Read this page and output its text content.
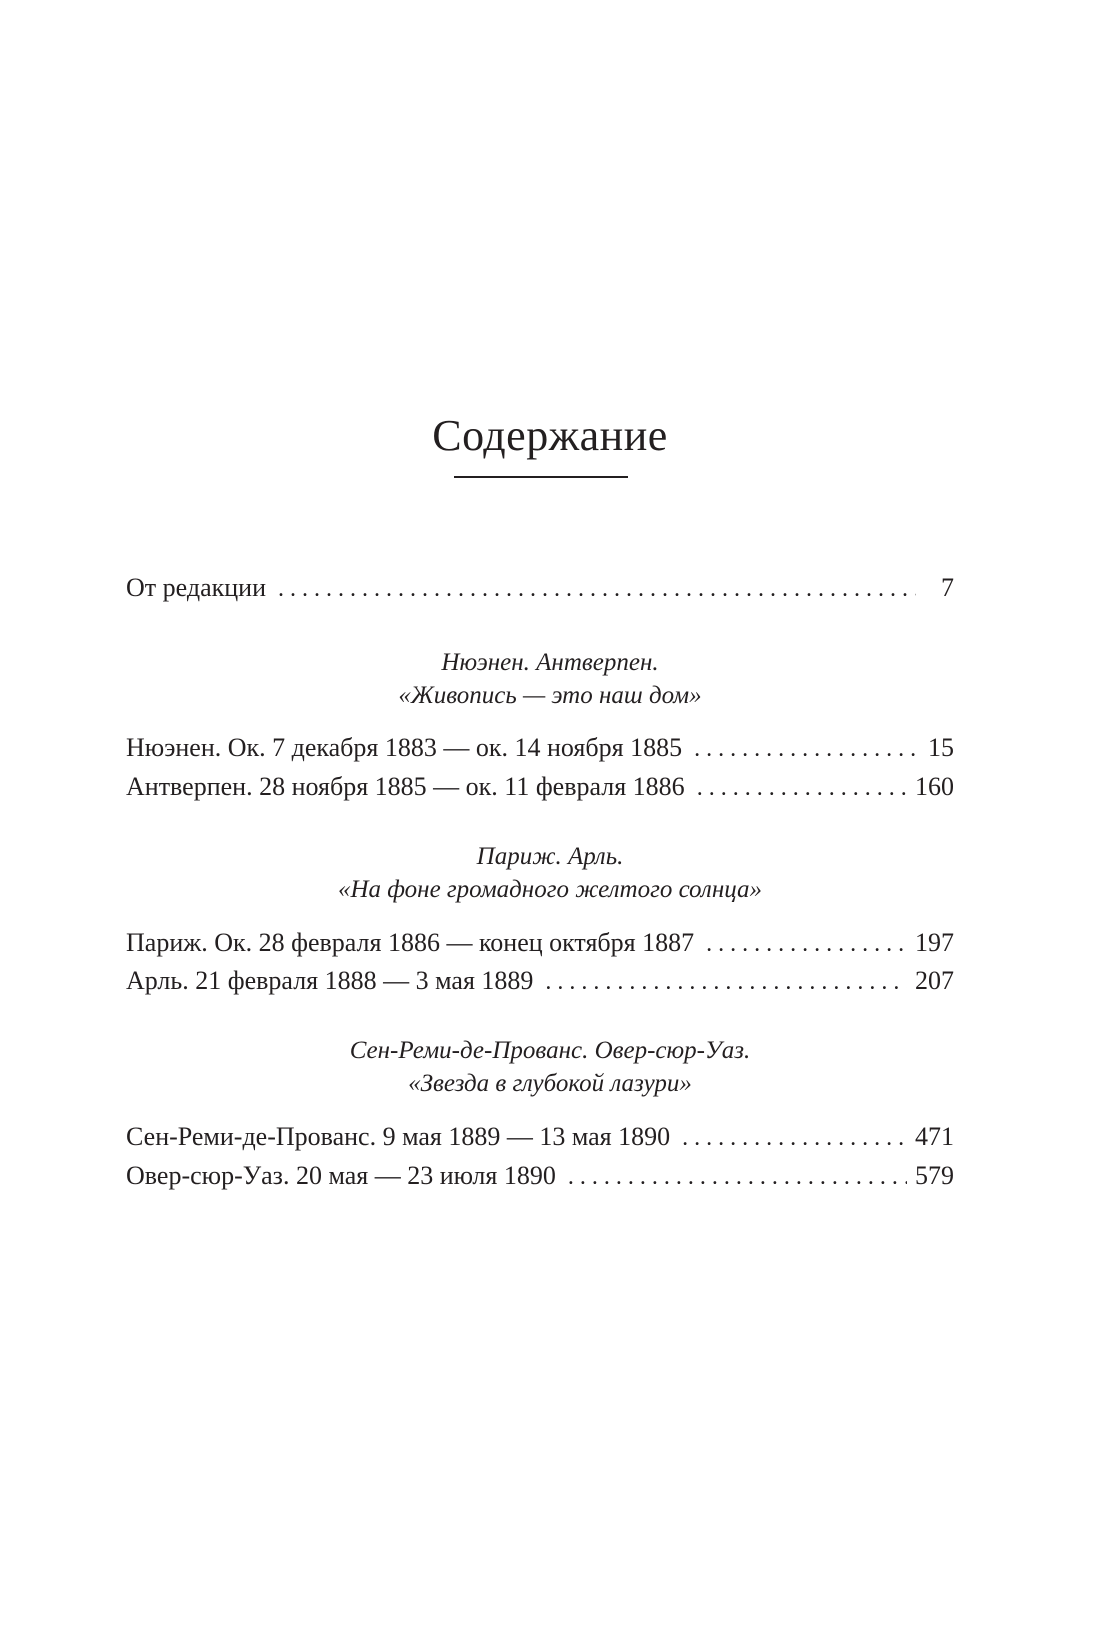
Содержание
От редакции . . .	7
Нюэнен. Антверпен.
«Живопись — это наш дом»
Нюэнен. Ок. 7 декабря 1883 — ок. 14 ноября 1885 . . .	15
Антверпен. 28 ноября 1885 — ок. 11 февраля 1886 . . .	160
Париж. Арль.
«На фоне громадного желтого солнца»
Париж. Ок. 28 февраля 1886 — конец октября 1887 . . .	197
Арль. 21 февраля 1888 — 3 мая 1889 . . .	207
Сен-Реми-де-Прованс. Овер-сюр-Уаз.
«Звезда в глубокой лазури»
Сен-Реми-де-Прованс. 9 мая 1889 — 13 мая 1890 . . .	471
Овер-сюр-Уаз. 20 мая — 23 июля 1890 . . .	579
